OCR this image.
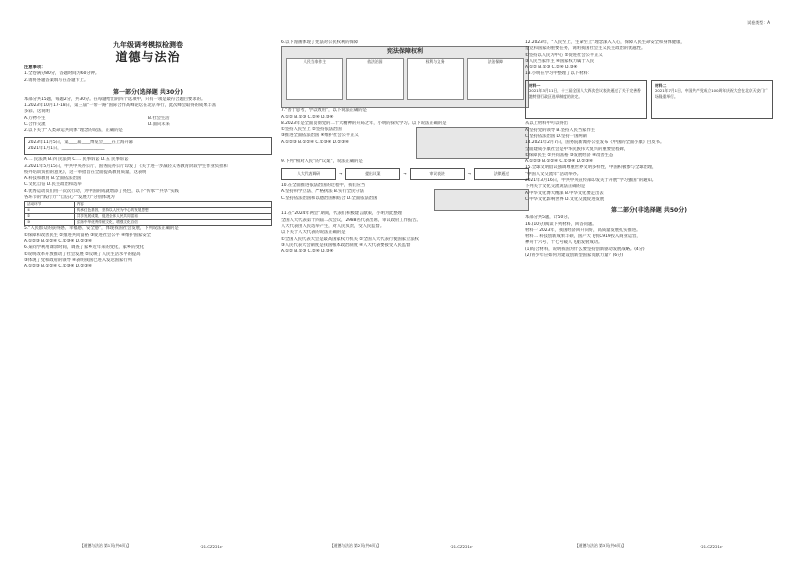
试卷类型：A
九年级调考模拟检测卷
道德与法治
注意事项：
1.全卷满分80分，答题时间为60分钟。
2.请将各题答案填写在答题卡上。
第一部分(选择题 共30分)
本部分共15题，每题2分，共30分。在每题给出的四个选项中，只有一项是最符合题目要求的。
1.2023年10月17-18日，第三届“一带一路”国际合作高峰论坛在北京举行，此次峰会取得的成果丰富
多彩。这说明
A.万物不生	B.社会生活
C.合作交流	D.面向未来
2.以下关于“人类命运共同体”理念的说法，正确的是
2023年11月5日，第____届____博览会____在上海开幕
2021年1月1日，____________________
A.二 民法典 B.四 民法典 C.二 民事诉讼 D.五 民事诉讼
3.2021年5月15日，中共中央办公厅、国务院办公厅印发了《关于进一步减轻义务教育阶段学生作业负担和
校外培训负担的意见》，这一举措旨在全面提高教育质量，这表明
A.科技和教育 B.全面依法治国
C.文化自信 D.民主政治和选举
4.优秀运动员们用一次次行动，为中国的成就增添了亮色，以下“传承”“共享”实践
各环节的“践行力”“自信心”“发展力”分别体现为
活动环节	内容
①	传承红色基因，坚持以人民为中心的发展思想
②	共享发展成果，促进全体人民共同富裕
③	弘扬中华优秀传统文化，增强文化自信
5.“人民群众的获得感、幸福感、安全感”，体现我国社会发展，下列说法正确的是
①保障和改善民生 ②推进共同富裕 ③促进社会公平 ④维护国家安全
A.①②③ B.①②④ C.①③④ D.②③④
6.某同学利用课余时间，调查了家乡近年来的变化，家乡的变化
①说明改革开放推动了社会发展 ②反映了人民生活水平的提高
③体现了党和政府的领导 ④表明我国已进入发达国家行列
A.①②③ B.①②④ C.①③④ D.②③④
【道德与法治 第1页(共6页)】	·21-CZ221c·
6.以下漫画体现了宪法对公民权利的保障
宪法保障权利
人民当家作主	依法治国	权利与义务	法治保障
7.“善于思考，学以致用”，以下说法正确的是
A.①② B.①③ C.②④ D.③④
8.2023年是全面贯彻党的二十大精神的开局之年，小明的探究学习。以下说法正确的是
①坚持人民至上 ②坚持依法治国
③推进全面依法治国 ④维护社会公平正义
A.①②③ B.①②④ C.①③④ D.②③④
9.下列“相对人民”的“议案”，说法正确的是
人大代表调研	→	提出议案	→	审议表决	→	法律通过
10.在全面推进依法治国的过程中，我们应当
A.坚持科学立法、严格执法 B.实行全民守法
C.坚持依法治国和以德治国相结合 D.全面依法治国
11.在“2024年两会”期间，代表们积极建言献策，小明为此整理
全国人大代表第十四届二次会议，2988名代表出席，审议政府工作报告。
人大代表由人民选举产生，对人民负责，受人民监督。
以下关于人大代表的说法正确的是
①全国人民代表大会是最高国家权力机关 ②全国人大代表行使国家立法权
③人民代表大会制度是我国根本政治制度 ④人大代表要接受人民监督
A.①② B.①③ C.②④ D.③④
【道德与法治 第2页(共6页)】	·21-CZ221c·
12.2023年，“人民至上、生命至上”理念深入人心，保障人民生命安全和身体健康，
是党和国家的重要任务，说明我国社会主义民主政治的优越性。
①坚持以人民为中心 ②促进社会公平正义
③人民当家作主 ④国家权力属于人民
A.①② B.①③ C.②④ D.③④
13.小明在学习中整理了以下材料：
材料一
2021年3月11日，十三届全国人大四次会议表决通过了关于完善香港特别行政区选举制度的决定。
材料二
2021年7月1日，中国共产党成立100周年庆祝大会在北京天安门广场隆重举行。
从以上材料中可以得出
A.坚持党的领导 B.坚持人民当家作主
C.坚持依法治国 D.坚持一国两制
14.2021年2月7日，国务院新闻办公室发布《中国的全面小康》白皮书。
全面建成小康社会是中华民族伟大复兴的重要里程碑，
①保障民生 ②共同富裕 ③发展经济 ④改善生态
A.①②③ B.①②④ C.①③④ D.②③④
15.全球文明倡议强调尊重世界文明多样性，中国积极参与全球治理，
“中国人文交流年”活动举办。
2021年3月16日，中共中央宣传部印发关于开展“学习强国”的通知。
下列关于文化交流说法正确的是
A.中华文化博大精深 B.中华文化要走出去
C.中华文化影响世界 D.文化交流促进发展
第二部分(非选择题 共50分)
本部分共5题，计50分。
16.(10分)阅读下列材料，回答问题。
材料一 2023年，我国经济回升向好，高质量发展扎实推进。
材料二 科技创新成果丰硕，国产大飞机C919投入商业运营，
神舟十六号、十七号载人飞船发射成功。
(1)结合材料，说明我国为什么要坚持创新驱动发展战略。(4分)
(2)青少年应如何为建设创新型国家贡献力量？(6分)
【道德与法治 第3页(共6页)】	·21-CZ221c·
